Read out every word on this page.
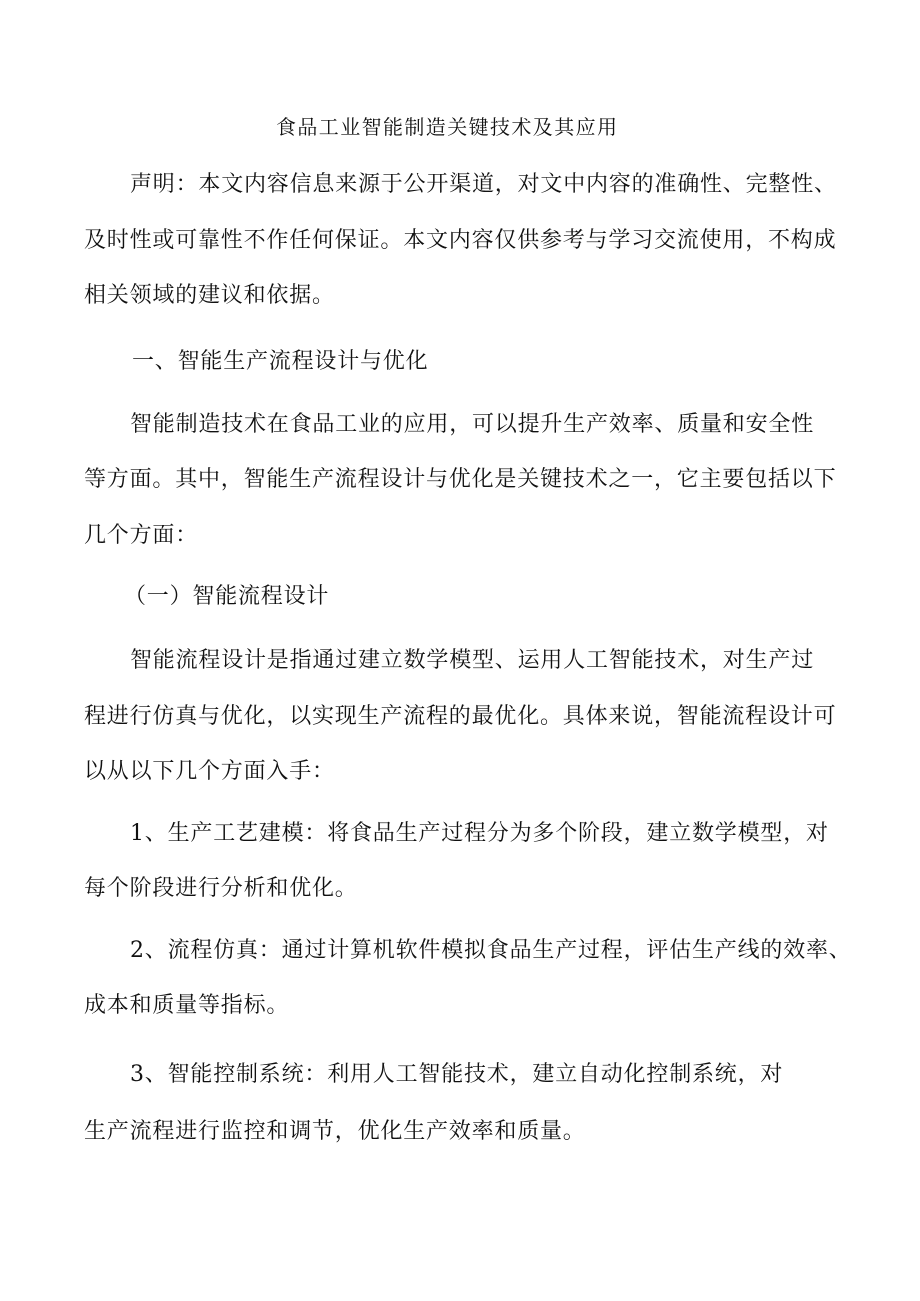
食品工业智能制造关键技术及其应用

声明：本文内容信息来源于公开渠道，对文中内容的准确性、完整性、

及时性或可靠性不作任何保证。本文内容仅供参考与学习交流使用，不构成

相关领域的建议和依据。

一、智能生产流程设计与优化

智能制造技术在食品工业的应用，可以提升生产效率、质量和安全性

等方面。其中，智能生产流程设计与优化是关键技术之一，它主要包括以下

几个方面：

（一）智能流程设计

智能流程设计是指通过建立数学模型、运用人工智能技术，对生产过

程进行仿真与优化，以实现生产流程的最优化。具体来说，智能流程设计可

以从以下几个方面入手：

1、生产工艺建模：将食品生产过程分为多个阶段，建立数学模型，对

每个阶段进行分析和优化。

2、流程仿真：通过计算机软件模拟食品生产过程，评估生产线的效率、

成本和质量等指标。

3、智能控制系统：利用人工智能技术，建立自动化控制系统，对

生产流程进行监控和调节，优化生产效率和质量。
